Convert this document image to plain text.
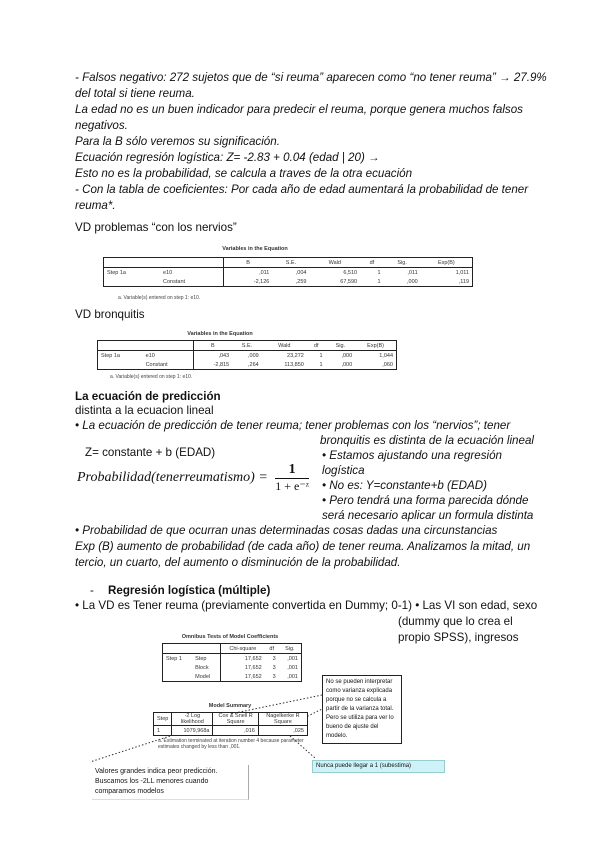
- Falsos negativo: 272 sujetos que de “si reuma” aparecen como “no tener reuma” → 27.9%
del total si tiene reuma.
La edad no es un buen indicador para predecir el reuma, porque genera muchos falsos
negativos.
Para la B sólo veremos su significación.
Ecuación regresión logística: Z= -2.83 + 0.04 (edad | 20) →
Esto no es la probabilidad, se calcula a traves de la otra ecuación
- Con la tabla de coeficientes: Por cada año de edad aumentará la probabilidad de tener
reuma*.
VD problemas “con los nervios”
Variables in the Equation
		B	S.E.	Wald	df	Sig.	Exp(B)
Step 1a	e10	,011	,004	6,510	1	,011	1,011
	Constant	-2,126	,259	67,590	1	,000	,119
a. Variable(s) entered on step 1: e10.
VD bronquitis
Variables in the Equation
		B	S.E.	Wald	df	Sig.	Exp(B)
Step 1a	e10	,043	,009	23,272	1	,000	1,044
	Constant	-2,815	,264	113,850	1	,000	,060
a. Variable(s) entered on step 1: e10.
La ecuación de predicción
distinta a la ecuacion lineal
• La ecuación de predicción de tener reuma; tener problemas con los “nervios”; tener
bronquitis es distinta de la ecuación lineal
Z= constante + b (EDAD)
Probabilidad(tenerreumatismo) = $\frac{1}{\text{1 + e⁻ᶻ}}$
• Estamos ajustando una regresión
logística
• No es: Y=constante+b (EDAD)
• Pero tendrá una forma parecida dónde
será necesario aplicar un formula distinta
• Probabilidad de que ocurran unas determinadas cosas dadas una circunstancias
Exp (B) aumento de probabilidad (de cada año) de tener reuma. Analizamos la mitad, un
tercio, un cuarto, del aumento o disminución de la probabilidad.
- Regresión logística (múltiple)
• La VD es Tener reuma (previamente convertida en Dummy; 0-1) • Las VI son edad, sexo
(dummy que lo crea el
propio SPSS), ingresos
Omnibus Tests of Model Coefficients
		Chi-square	df	Sig.
Step 1	Step	17,652	3	,001
	Block	17,652	3	,001
	Model	17,652	3	,001
Model Summary
Step	-2 Log likelihood	Cox & Snell R Square	Nagelkerke R Square
1	1079,968a	,016	,025
a. Estimation terminated at iteration number 4 because parameter estimates changed by less than ,001.
No se pueden interpretar como varianza explicada porque no se calcula a partir de la varianza total. Pero se utiliza para ver lo bueno de ajuste del modelo.
Nunca puede llegar a 1 (subestima)
Valores grandes indica peor predicción. Buscamos los -2LL menores cuando comparamos modelos
